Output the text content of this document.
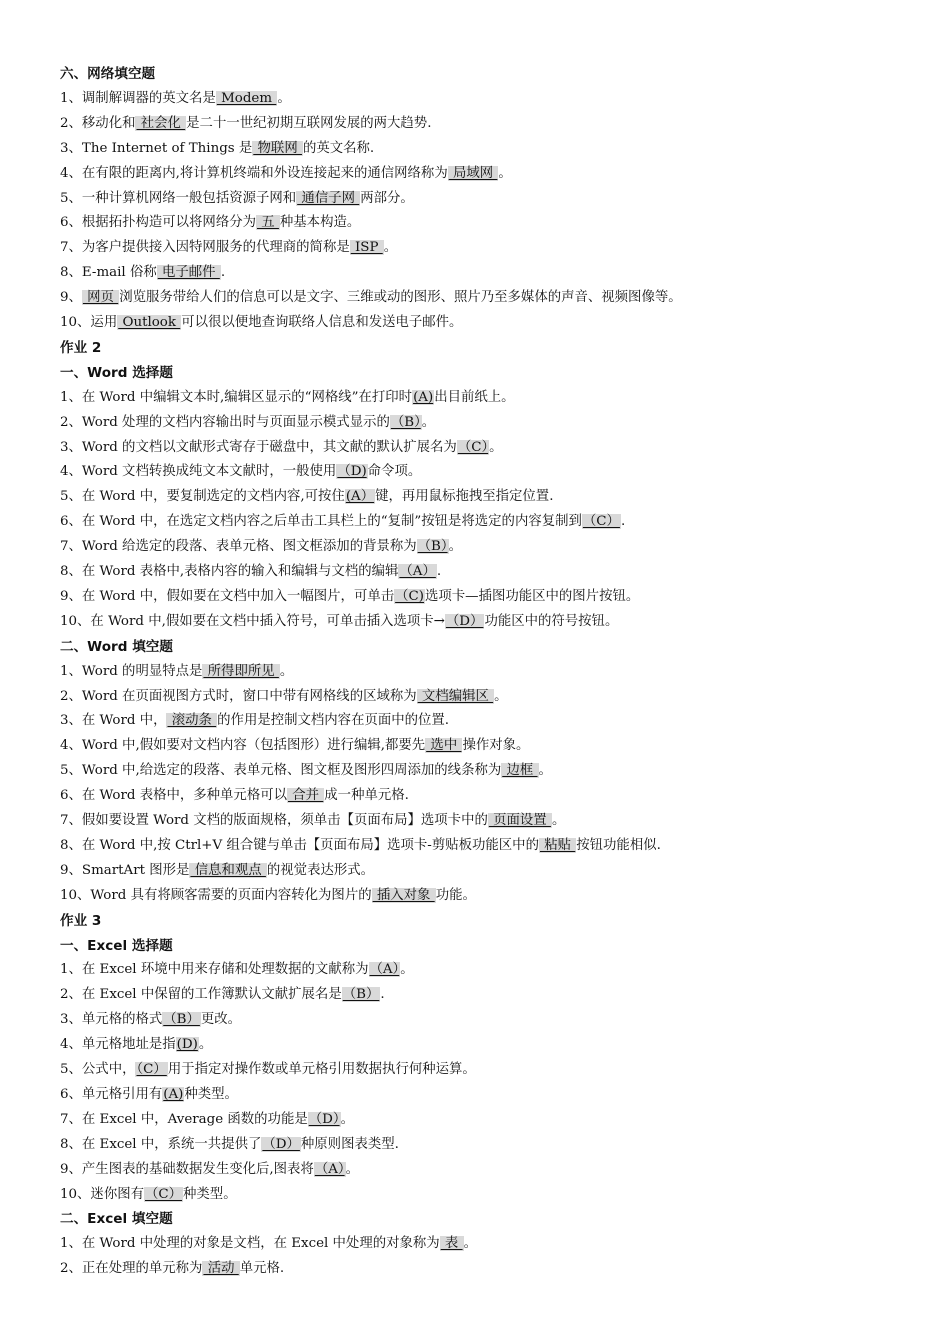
六、网络填空题
1、调制解调器的英文名是 Modem 。
2、移动化和 社会化 是二十一世纪初期互联网发展的两大趋势.
3、The Internet of Things 是 物联网 的英文名称.
4、在有限的距离内,将计算机终端和外设连接起来的通信网络称为 局域网 。
5、一种计算机网络一般包括资源子网和 通信子网 两部分。
6、根据拓扑构造可以将网络分为 五 种基本构造。
7、为客户提供接入因特网服务的代理商的简称是 ISP 。
8、E-mail 俗称 电子邮件 .
9、 网页 浏览服务带给人们的信息可以是文字、三维或动的图形、照片乃至多媒体的声音、视频图像等。
10、运用 Outlook 可以很以便地查询联络人信息和发送电子邮件。
作业 2
一、Word 选择题
1、在 Word 中编辑文本时,编辑区显示的“网格线”在打印时(A)出目前纸上。
2、Word 处理的文档内容输出时与页面显示模式显示的（B）。
3、Word 的文档以文献形式寄存于磁盘中，其文献的默认扩展名为（C）。
4、Word 文档转换成纯文本文献时，一般使用（D)命令项。
5、在 Word 中，要复制选定的文档内容,可按住(A）键，再用鼠标拖拽至指定位置.
6、在 Word 中，在选定文档内容之后单击工具栏上的“复制”按钮是将选定的内容复制到（C）.
7、Word 给选定的段落、表单元格、图文框添加的背景称为（B）。
8、在 Word 表格中,表格内容的输入和编辑与文档的编辑（A）.
9、在 Word 中，假如要在文档中加入一幅图片，可单击（C)选项卡—插图功能区中的图片按钮。
10、在 Word 中,假如要在文档中插入符号，可单击插入选项卡→（D）功能区中的符号按钮。
二、Word 填空题
1、Word 的明显特点是 所得即所见 。
2、Word 在页面视图方式时，窗口中带有网格线的区域称为 文档编辑区 。
3、在 Word 中， 滚动条 的作用是控制文档内容在页面中的位置.
4、Word 中,假如要对文档内容（包括图形）进行编辑,都要先 选中 操作对象。
5、Word 中,给选定的段落、表单元格、图文框及图形四周添加的线条称为 边框 。
6、在 Word 表格中，多种单元格可以 合并 成一种单元格.
7、假如要设置 Word 文档的版面规格，须单击【页面布局】选项卡中的 页面设置 。
8、在 Word 中,按 Ctrl+V 组合键与单击【页面布局】选项卡-剪贴板功能区中的 粘贴 按钮功能相似.
9、SmartArt 图形是 信息和观点 的视觉表达形式。
10、Word 具有将顾客需要的页面内容转化为图片的 插入对象 功能。
作业 3
一、Excel 选择题
1、在 Excel 环境中用来存储和处理数据的文献称为（A）。
2、在 Excel 中保留的工作簿默认文献扩展名是（B）.
3、单元格的格式（B）更改。
4、单元格地址是指(D)。
5、公式中，（C）用于指定对操作数或单元格引用数据执行何种运算。
6、单元格引用有(A)种类型。
7、在 Excel 中，Average 函数的功能是（D）。
8、在 Excel 中，系统一共提供了（D）种原则图表类型.
9、产生图表的基础数据发生变化后,图表将（A）。
10、迷你图有（C）种类型。
二、Excel 填空题
1、在 Word 中处理的对象是文档，在 Excel 中处理的对象称为 表 。
2、正在处理的单元称为 活动 单元格.
